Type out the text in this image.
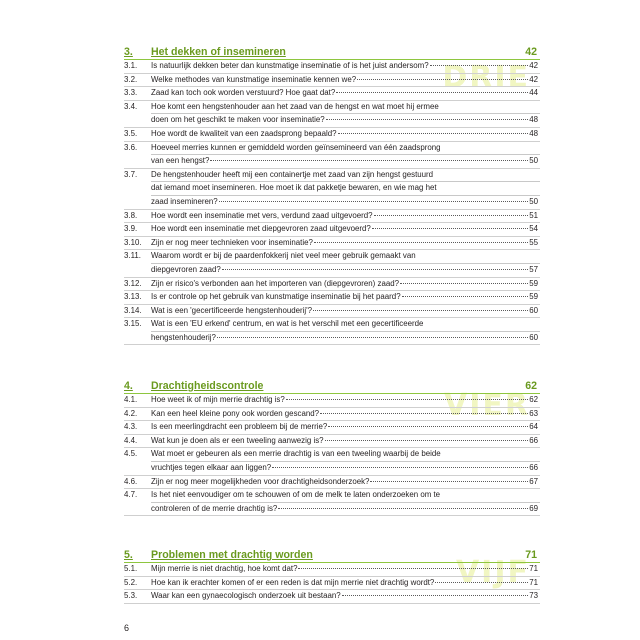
DRIE
3. Het dekken of insemineren	42
3.1. Is natuurlijk dekken beter dan kunstmatige inseminatie of is het juist andersom?	42
3.2. Welke methodes van kunstmatige inseminatie kennen we?	42
3.3. Zaad kan toch ook worden verstuurd? Hoe gaat dat?	44
3.4. Hoe komt een hengstenhouder aan het zaad van de hengst en wat moet hij ermee
doen om het geschikt te maken voor inseminatie?	48
3.5. Hoe wordt de kwaliteit van een zaadsprong bepaald?	48
3.6. Hoeveel merries kunnen er gemiddeld worden geïnsemineerd van één zaadsprong
van een hengst?	50
3.7. De hengstenhouder heeft mij een containertje met zaad van zijn hengst gestuurd
dat iemand moet insemineren. Hoe moet ik dat pakketje bewaren, en wie mag het
zaad insemineren?	50
3.8. Hoe wordt een inseminatie met vers, verdund zaad uitgevoerd?	51
3.9. Hoe wordt een inseminatie met diepgevroren zaad uitgevoerd?	54
3.10. Zijn er nog meer technieken voor inseminatie?	55
3.11. Waarom wordt er bij de paardenfokkerij niet veel meer gebruik gemaakt van
diepgevroren zaad?	57
3.12. Zijn er risico's verbonden aan het importeren van (diepgevroren) zaad?	59
3.13. Is er controle op het gebruik van kunstmatige inseminatie bij het paard?	59
3.14. Wat is een 'gecertificeerde hengstenhouderij'?	60
3.15. Wat is een 'EU erkend' centrum, en wat is het verschil met een gecertificeerde
hengstenhouderij?	60
VIER
4. Drachtigheidscontrole	62
4.1. Hoe weet ik of mijn merrie drachtig is?	62
4.2. Kan een heel kleine pony ook worden gescand?	63
4.3. Is een meerlingdracht een probleem bij de merrie?	64
4.4. Wat kun je doen als er een tweeling aanwezig is?	66
4.5. Wat moet er gebeuren als een merrie drachtig is van een tweeling waarbij de beide
vruchtjes tegen elkaar aan liggen?	66
4.6. Zijn er nog meer mogelijkheden voor drachtigheidsonderzoek?	67
4.7. Is het niet eenvoudiger om te schouwen of om de melk te laten onderzoeken om te
controleren of de merrie drachtig is?	69
VIJF
5. Problemen met drachtig worden	71
5.1. Mijn merrie is niet drachtig, hoe komt dat?	71
5.2. Hoe kan ik erachter komen of er een reden is dat mijn merrie niet drachtig wordt?	71
5.3. Waar kan een gynaecologisch onderzoek uit bestaan?	73
6
